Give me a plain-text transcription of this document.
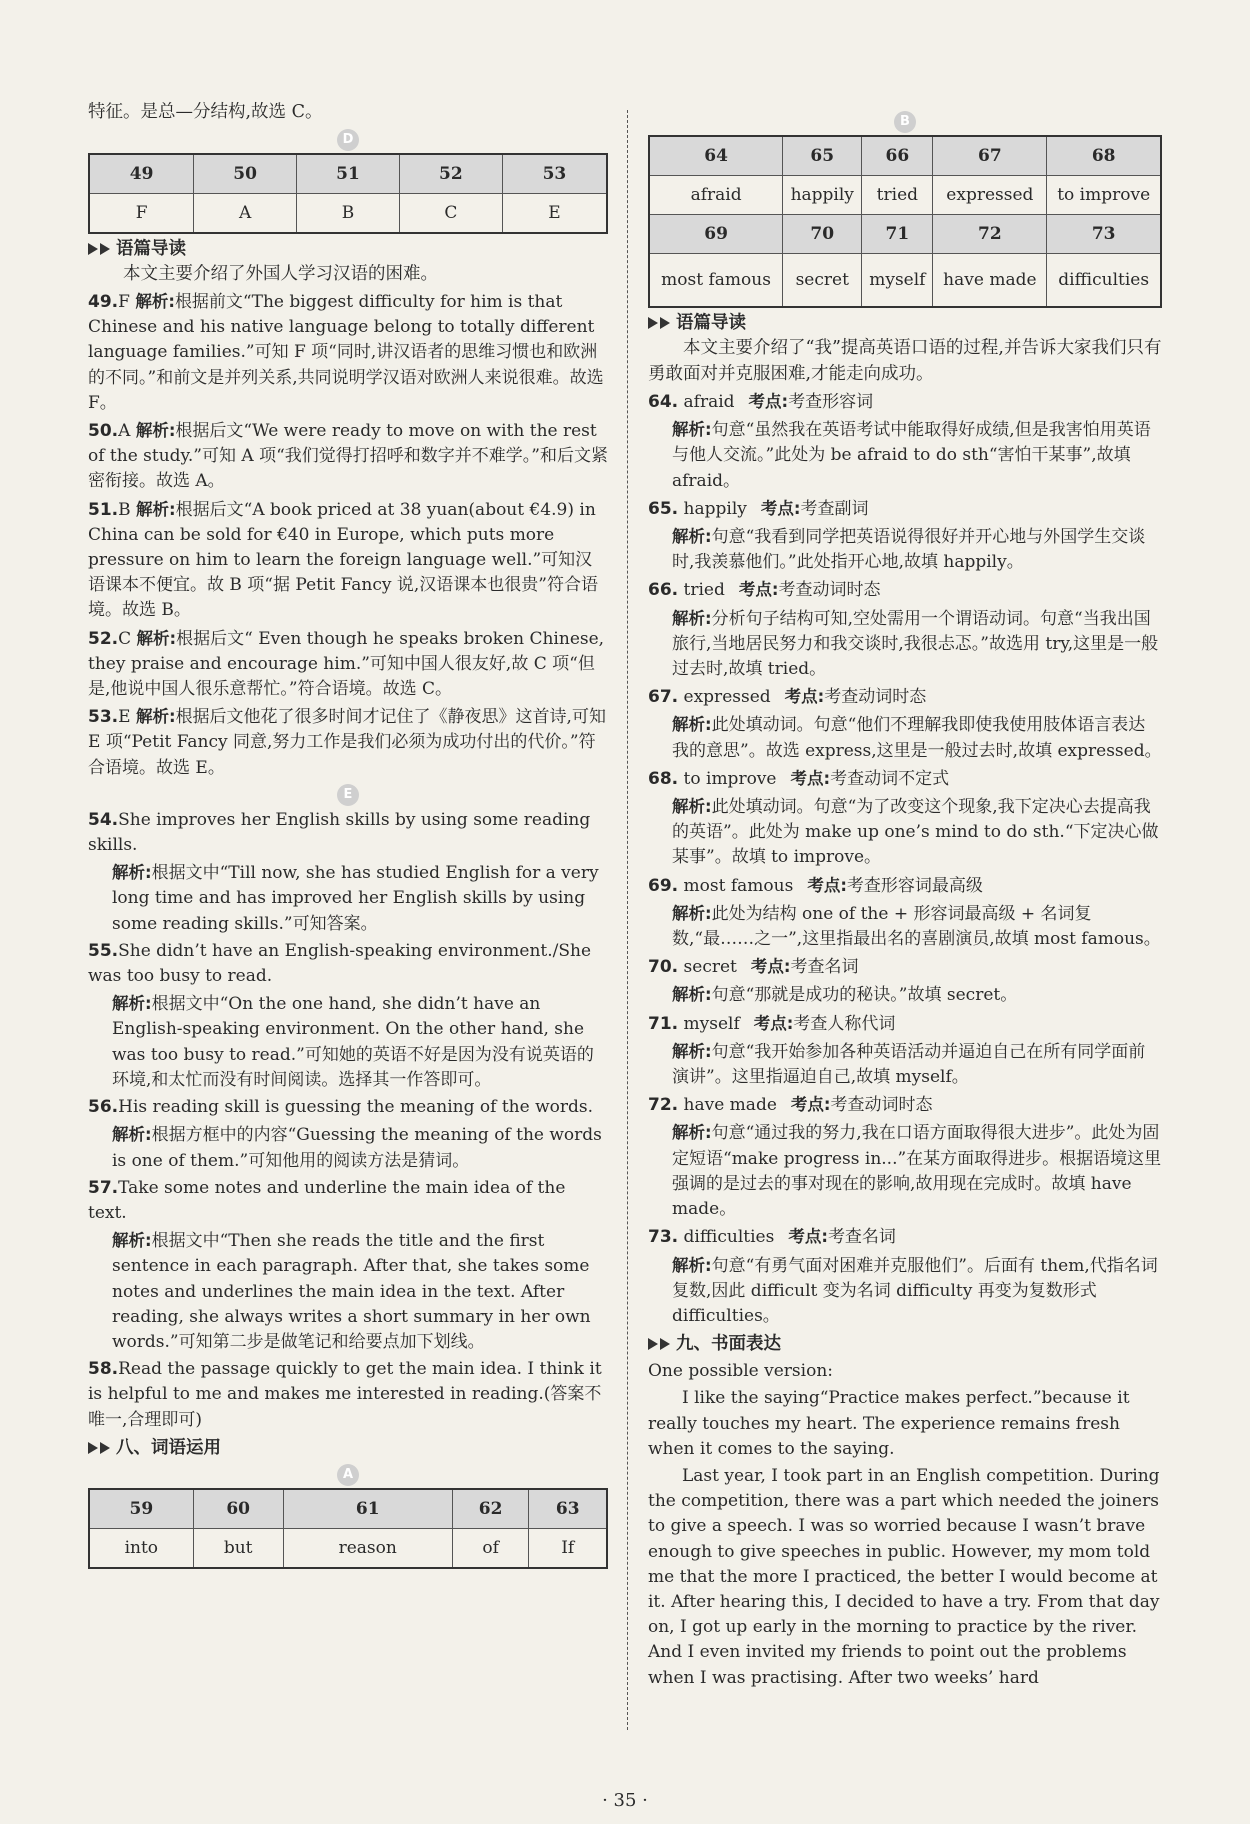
特征。是总—分结构,故选 C。

D
49	50	51	52	53
F	A	B	C	E
语篇导读

本文主要介绍了外国人学习汉语的困难。

49.F 解析:根据前文“The biggest difficulty for him is that Chinese and his native language belong to totally different language families.”可知 F 项“同时,讲汉语者的思维习惯也和欧洲的不同。”和前文是并列关系,共同说明学汉语对欧洲人来说很难。故选 F。

50.A 解析:根据后文“We were ready to move on with the rest of the study.”可知 A 项“我们觉得打招呼和数字并不难学。”和后文紧密衔接。故选 A。

51.B 解析:根据后文“A book priced at 38 yuan(about €4.9) in China can be sold for €40 in Europe, which puts more pressure on him to learn the foreign language well.”可知汉语课本不便宜。故 B 项“据 Petit Fancy 说,汉语课本也很贵”符合语境。故选 B。

52.C 解析:根据后文“ Even though he speaks broken Chinese, they praise and encourage him.”可知中国人很友好,故 C 项“但是,他说中国人很乐意帮忙。”符合语境。故选 C。

53.E 解析:根据后文他花了很多时间才记住了《静夜思》这首诗,可知 E 项“Petit Fancy 同意,努力工作是我们必须为成功付出的代价。”符合语境。故选 E。

E

54.She improves her English skills by using some reading skills.

解析:根据文中“Till now, she has studied English for a very long time and has improved her English skills by using some reading skills.”可知答案。

55.She didn’t have an English-speaking environment./She was too busy to read.

解析:根据文中“On the one hand, she didn’t have an English-speaking environment. On the other hand, she was too busy to read.”可知她的英语不好是因为没有说英语的环境,和太忙而没有时间阅读。选择其一作答即可。

56.His reading skill is guessing the meaning of the words.

解析:根据方框中的内容“Guessing the meaning of the words is one of them.”可知他用的阅读方法是猜词。

57.Take some notes and underline the main idea of the text.

解析:根据文中“Then she reads the title and the first sentence in each paragraph. After that, she takes some notes and underlines the main idea in the text. After reading, she always writes a short summary in her own words.”可知第二步是做笔记和给要点加下划线。

58.Read the passage quickly to get the main idea. I think it is helpful to me and makes me interested in reading.(答案不唯一,合理即可)

八、词语运用
A
59	60	61	62	63
into	but	reason	of	If
B
64	65	66	67	68
afraid	happily	tried	expressed	to improve
69	70	71	72	73
most famous	secret	myself	have made	difficulties
语篇导读

本文主要介绍了“我”提高英语口语的过程,并告诉大家我们只有勇敢面对并克服困难,才能走向成功。

64. afraid 考点:考查形容词

解析:句意“虽然我在英语考试中能取得好成绩,但是我害怕用英语与他人交流。”此处为 be afraid to do sth“害怕干某事”,故填 afraid。

65. happily 考点:考查副词

解析:句意“我看到同学把英语说得很好并开心地与外国学生交谈时,我羡慕他们。”此处指开心地,故填 happily。

66. tried 考点:考查动词时态

解析:分析句子结构可知,空处需用一个谓语动词。句意“当我出国旅行,当地居民努力和我交谈时,我很忐忑。”故选用 try,这里是一般过去时,故填 tried。

67. expressed 考点:考查动词时态

解析:此处填动词。句意“他们不理解我即使我使用肢体语言表达我的意思”。故选 express,这里是一般过去时,故填 expressed。

68. to improve 考点:考查动词不定式

解析:此处填动词。句意“为了改变这个现象,我下定决心去提高我的英语”。此处为 make up one’s mind to do sth.“下定决心做某事”。故填 to improve。

69. most famous 考点:考查形容词最高级

解析:此处为结构 one of the + 形容词最高级 + 名词复数,“最……之一”,这里指最出名的喜剧演员,故填 most famous。

70. secret 考点:考查名词

解析:句意“那就是成功的秘诀。”故填 secret。

71. myself 考点:考查人称代词

解析:句意“我开始参加各种英语活动并逼迫自己在所有同学面前演讲”。这里指逼迫自己,故填 myself。

72. have made 考点:考查动词时态

解析:句意“通过我的努力,我在口语方面取得很大进步”。此处为固定短语“make progress in...”在某方面取得进步。根据语境这里强调的是过去的事对现在的影响,故用现在完成时。故填 have made。

73. difficulties 考点:考查名词

解析:句意“有勇气面对困难并克服他们”。后面有 them,代指名词复数,因此 difficult 变为名词 difficulty 再变为复数形式 difficulties。

九、书面表达

One possible version:

I like the saying“Practice makes perfect.”because it really touches my heart. The experience remains fresh when it comes to the saying.

Last year, I took part in an English competition. During the competition, there was a part which needed the joiners to give a speech. I was so worried because I wasn’t brave enough to give speeches in public. However, my mom told me that the more I practiced, the better I would become at it. After hearing this, I decided to have a try. From that day on, I got up early in the morning to practice by the river. And I even invited my friends to point out the problems when I was practising. After two weeks’ hard

· 35 ·
